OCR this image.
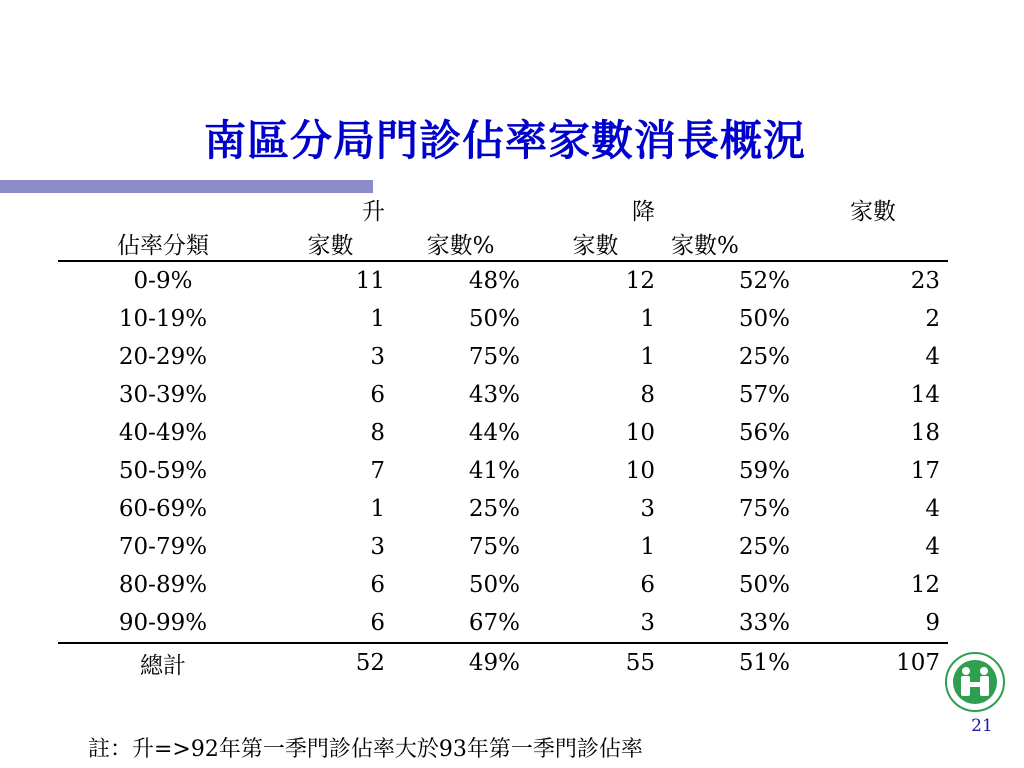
南區分局門診佔率家數消長概況
	升		降		家數
佔率分類	家數	家數%	家數	家數%	
0-9%	11	48%	12	52%	23
10-19%	1	50%	1	50%	2
20-29%	3	75%	1	25%	4
30-39%	6	43%	8	57%	14
40-49%	8	44%	10	56%	18
50-59%	7	41%	10	59%	17
60-69%	1	25%	3	75%	4
70-79%	3	75%	1	25%	4
80-89%	6	50%	6	50%	12
90-99%	6	67%	3	33%	9
總計	52	49%	55	51%	107
21
註：升=>92年第一季門診佔率大於93年第一季門診佔率
